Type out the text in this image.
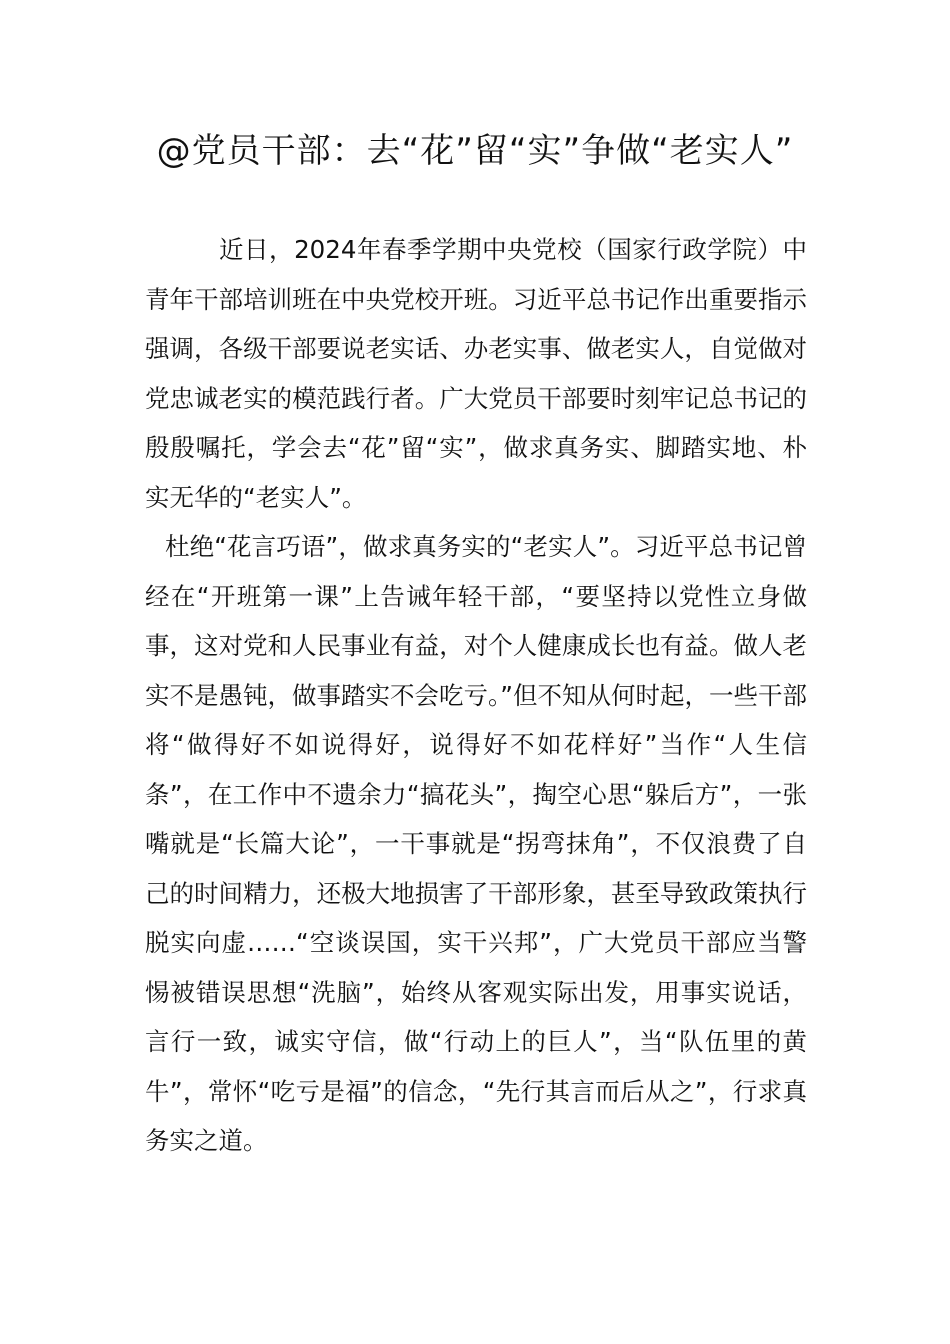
@党员干部：去“花”留“实”争做“老实人”

近日，2024年春季学期中央党校（国家行政学院）中青年干部培训班在中央党校开班。习近平总书记作出重要指示强调，各级干部要说老实话、办老实事、做老实人，自觉做对党忠诚老实的模范践行者。广大党员干部要时刻牢记总书记的殷殷嘱托，学会去“花”留“实”，做求真务实、脚踏实地、朴实无华的“老实人”。

杜绝“花言巧语”，做求真务实的“老实人”。习近平总书记曾经在“开班第一课”上告诫年轻干部，“要坚持以党性立身做事，这对党和人民事业有益，对个人健康成长也有益。做人老实不是愚钝，做事踏实不会吃亏。”但不知从何时起，一些干部将“做得好不如说得好，说得好不如花样好”当作“人生信条”，在工作中不遗余力“搞花头”，掏空心思“躲后方”，一张嘴就是“长篇大论”，一干事就是“拐弯抹角”，不仅浪费了自己的时间精力，还极大地损害了干部形象，甚至导致政策执行脱实向虚……“空谈误国，实干兴邦”，广大党员干部应当警惕被错误思想“洗脑”，始终从客观实际出发，用事实说话，言行一致，诚实守信，做“行动上的巨人”，当“队伍里的黄牛”，常怀“吃亏是福”的信念，“先行其言而后从之”，行求真务实之道。
